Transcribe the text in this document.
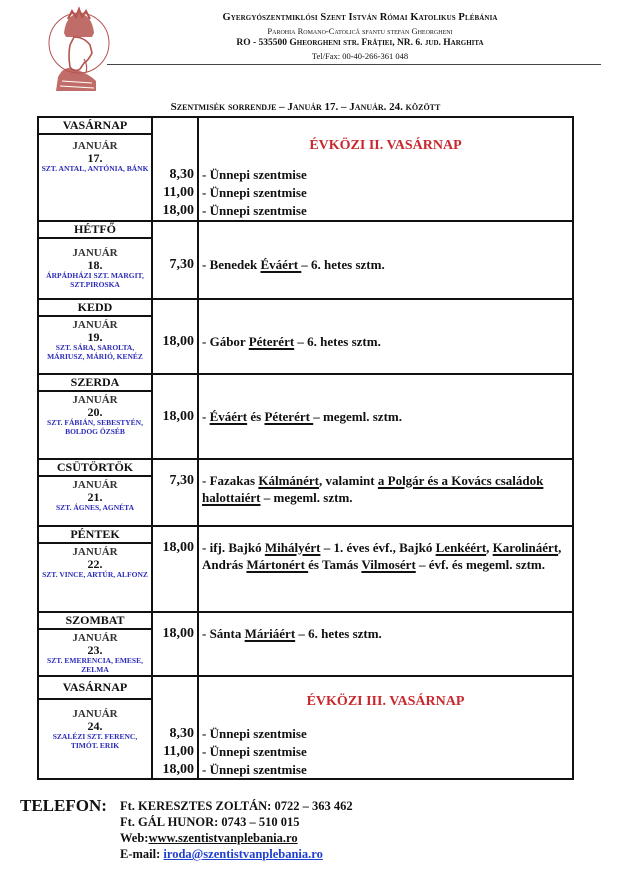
Gyergyószentmiklósi Szent István Római Katolikus Plébánia
Parohia Romano-Catolică sfantu stefan Gheorgheni
RO - 535500 Gheorgheni str. Frăției, NR. 6. jud. Harghita
Tel/Fax: 00-40-266-361 048
Szentmisék sorrendje – Január 17. – Január. 24. között
VASÁRNAP
JANUÁR
17.
SZT. ANTAL, ANTÓNIA, BÁNK 8,30
11,00
18,00
ÉVKÖZI II. VASÁRNAP
- Ünnepi szentmise
- Ünnepi szentmise
- Ünnepi szentmise
HÉTFŐ
JANUÁR
18.
ÁRPÁDHÁZI SZT. MARGIT, SZT.PIROSKA
7,30 - Benedek Éváért – 6. hetes sztm.
KEDD
JANUÁR
19.
SZT. SÁRA, SAROLTA, MÁRIUSZ, MÁRIÓ, KENÉZ
18,00 - Gábor Péterért – 6. hetes sztm.
SZERDA
JANUÁR
20.
SZT. FÁBIÁN, SEBESTYÉN, BOLDOG ÖZSÉB
18,00 - Éváért és Péterért – megeml. sztm.
CSÜTÖRTÖK
JANUÁR
21.
SZT. ÁGNES, AGNÉTA
7,30 - Fazakas Kálmánért, valamint a Polgár és a Kovács családok halottaiért – megeml. sztm.
PÉNTEK
JANUÁR
22.
SZT. VINCE, ARTÚR, ALFONZ
18,00 - ifj. Bajkó Mihályért – 1. éves évf., Bajkó Lenkéért, Karolináért, András Mártonért és Tamás Vilmosért – évf. és megeml. sztm.
SZOMBAT
JANUÁR
23.
SZT. EMERENCIA, EMESE, ZELMA
18,00 - Sánta Máriáért – 6. hetes sztm.
VASÁRNAP
JANUÁR
24.
SZALÉZI SZT. FERENC, TIMÓT. ERIK
8,30
11,00
18,00
ÉVKÖZI III. VASÁRNAP
- Ünnepi szentmise
- Ünnepi szentmise
- Ünnepi szentmise
TELEFON: Ft. KERESZTES ZOLTÁN: 0722 – 363 462
Ft. GÁL HUNOR: 0743 – 510 015
Web:www.szentistvanplebania.ro
E-mail: iroda@szentistvanplebania.ro
